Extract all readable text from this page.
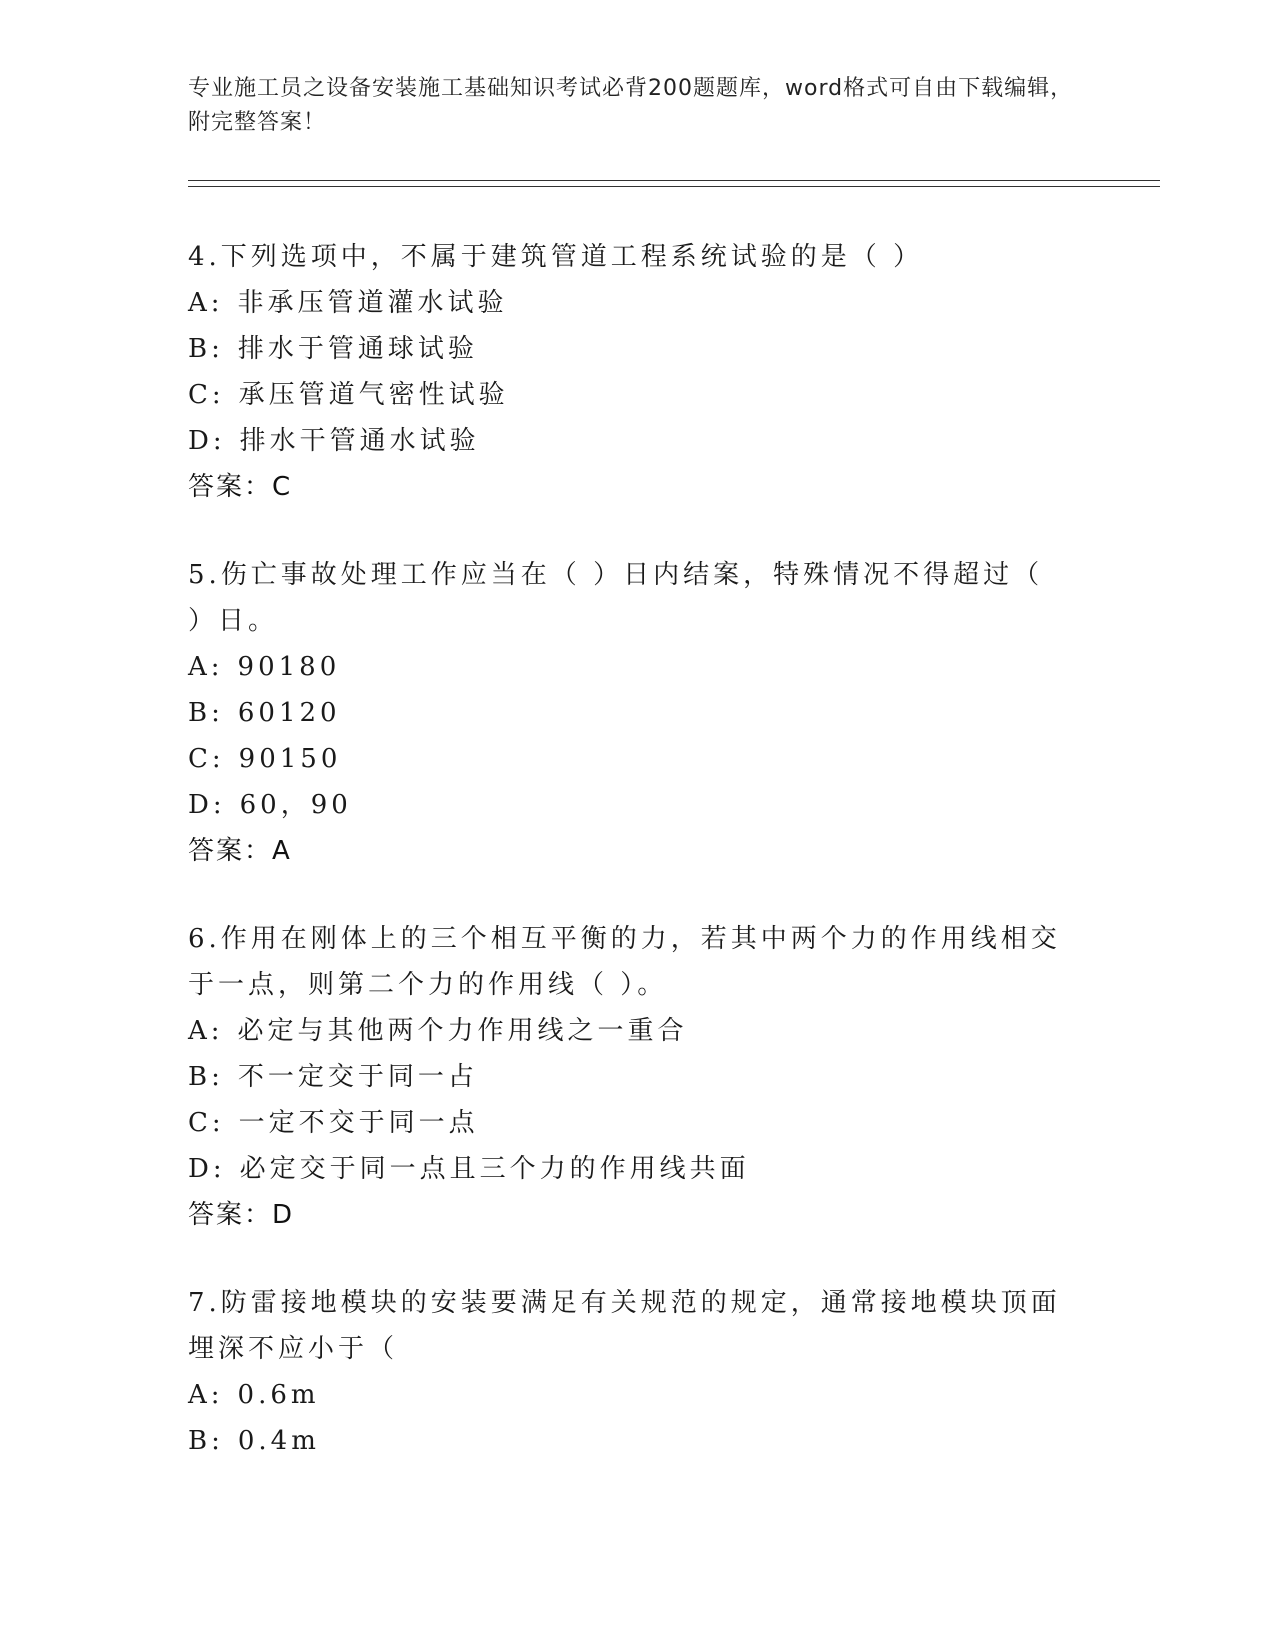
专业施工员之设备安装施工基础知识考试必背200题题库，word格式可自由下载编辑，附完整答案！
4.下列选项中，不属于建筑管道工程系统试验的是（ ）
A: 非承压管道灌水试验
B: 排水于管通球试验
C: 承压管道气密性试验
D: 排水干管通水试验
答案：C
5.伤亡事故处理工作应当在（ ）日内结案，特殊情况不得超过（ ）日。
A: 90180
B: 60120
C: 90150
D: 60，90
答案：A
6.作用在刚体上的三个相互平衡的力，若其中两个力的作用线相交于一点，则第二个力的作用线（ ）。
A: 必定与其他两个力作用线之一重合
B: 不一定交于同一占
C: 一定不交于同一点
D: 必定交于同一点且三个力的作用线共面
答案：D
7.防雷接地模块的安装要满足有关规范的规定，通常接地模块顶面埋深不应小于（
A: 0.6m
B: 0.4m
